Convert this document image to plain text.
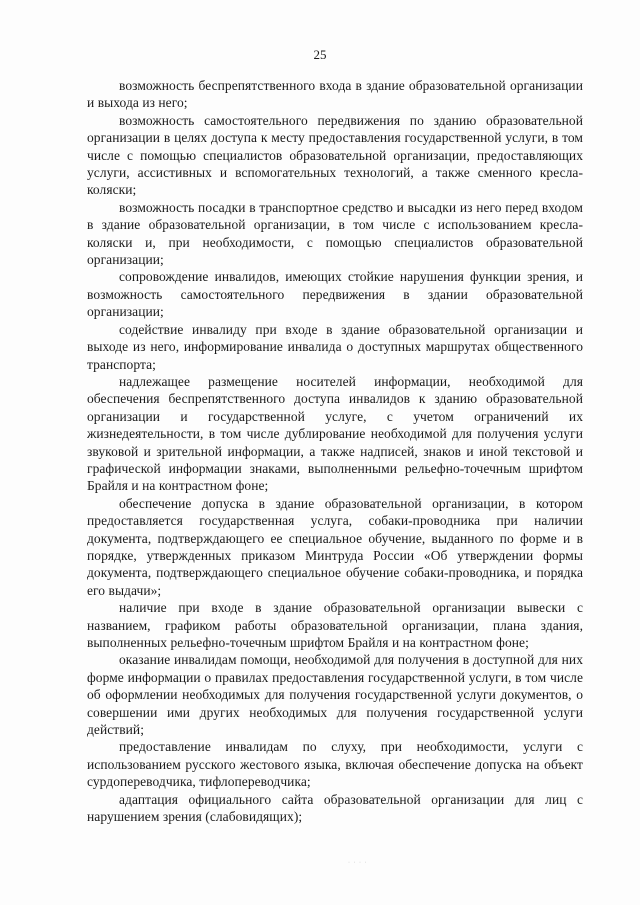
25

возможность беспрепятственного входа в здание образовательной организации и выхода из него;

возможность самостоятельного передвижения по зданию образовательной организации в целях доступа к месту предоставления государственной услуги, в том числе с помощью специалистов образовательной организации, предоставляющих услуги, ассистивных и вспомогательных технологий, а также сменного кресла-коляски;

возможность посадки в транспортное средство и высадки из него перед входом в здание образовательной организации, в том числе с использованием кресла-коляски и, при необходимости, с помощью специалистов образовательной организации;

сопровождение инвалидов, имеющих стойкие нарушения функции зрения, и возможность самостоятельного передвижения в здании образовательной организации;

содействие инвалиду при входе в здание образовательной организации и выходе из него, информирование инвалида о доступных маршрутах общественного транспорта;

надлежащее размещение носителей информации, необходимой для обеспечения беспрепятственного доступа инвалидов к зданию образовательной организации и государственной услуге, с учетом ограничений их жизнедеятельности, в том числе дублирование необходимой для получения услуги звуковой и зрительной информации, а также надписей, знаков и иной текстовой и графической информации знаками, выполненными рельефно-точечным шрифтом Брайля и на контрастном фоне;

обеспечение допуска в здание образовательной организации, в котором предоставляется государственная услуга, собаки-проводника при наличии документа, подтверждающего ее специальное обучение, выданного по форме и в порядке, утвержденных приказом Минтруда России «Об утверждении формы документа, подтверждающего специальное обучение собаки-проводника, и порядка его выдачи»;

наличие при входе в здание образовательной организации вывески с названием, графиком работы образовательной организации, плана здания, выполненных рельефно-точечным шрифтом Брайля и на контрастном фоне;

оказание инвалидам помощи, необходимой для получения в доступной для них форме информации о правилах предоставления государственной услуги, в том числе об оформлении необходимых для получения государственной услуги документов, о совершении ими других необходимых для получения государственной услуги действий;

предоставление инвалидам по слуху, при необходимости, услуги с использованием русского жестового языка, включая обеспечение допуска на объект сурдопереводчика, тифлопереводчика;

адаптация официального сайта образовательной организации для лиц с нарушением зрения (слабовидящих);

· · · ·
